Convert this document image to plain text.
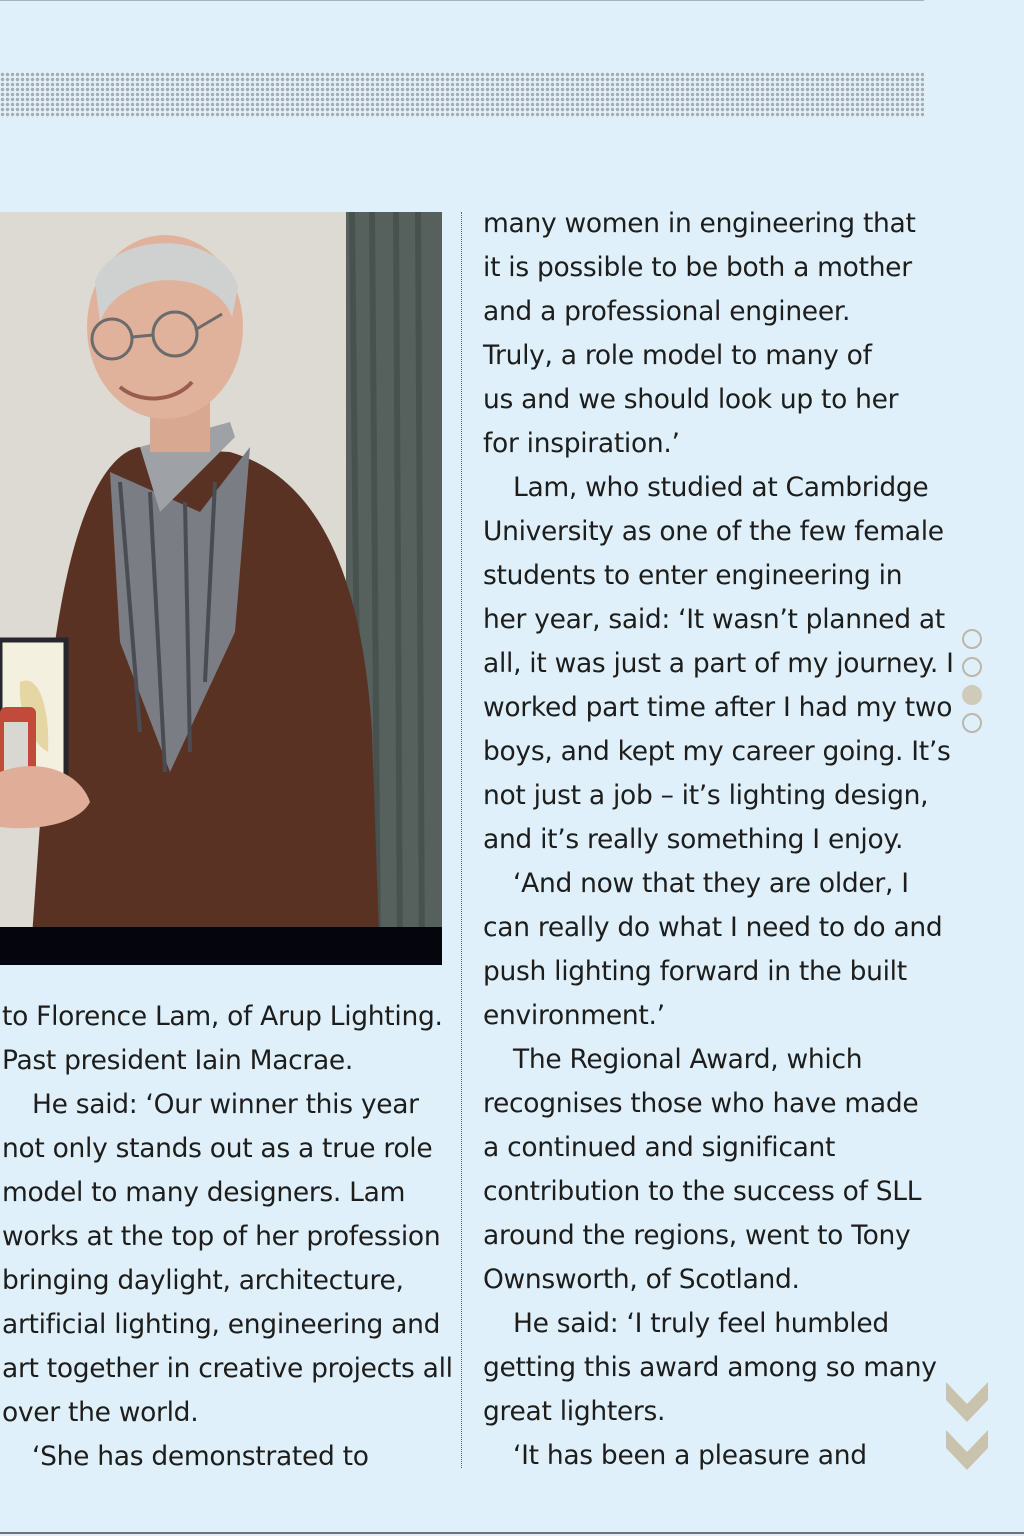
to Florence Lam, of Arup Lighting.

Past president Iain Macrae.

He said: ‘Our winner this year

not only stands out as a true role

model to many designers. Lam

works at the top of her profession

bringing daylight, architecture,

artificial lighting, engineering and

art together in creative projects all

over the world.

‘She has demonstrated to

many women in engineering that

it is possible to be both a mother

and a professional engineer.

Truly, a role model to many of

us and we should look up to her

for inspiration.’

Lam, who studied at Cambridge

University as one of the few female

students to enter engineering in

her year, said: ‘It wasn’t planned at

all, it was just a part of my journey. I

worked part time after I had my two

boys, and kept my career going. It’s

not just a job – it’s lighting design,

and it’s really something I enjoy.

‘And now that they are older, I

can really do what I need to do and

push lighting forward in the built

environment.’

The Regional Award, which

recognises those who have made

a continued and significant

contribution to the success of SLL

around the regions, went to Tony

Ownsworth, of Scotland.

He said: ‘I truly feel humbled

getting this award among so many

great lighters.

‘It has been a pleasure and
